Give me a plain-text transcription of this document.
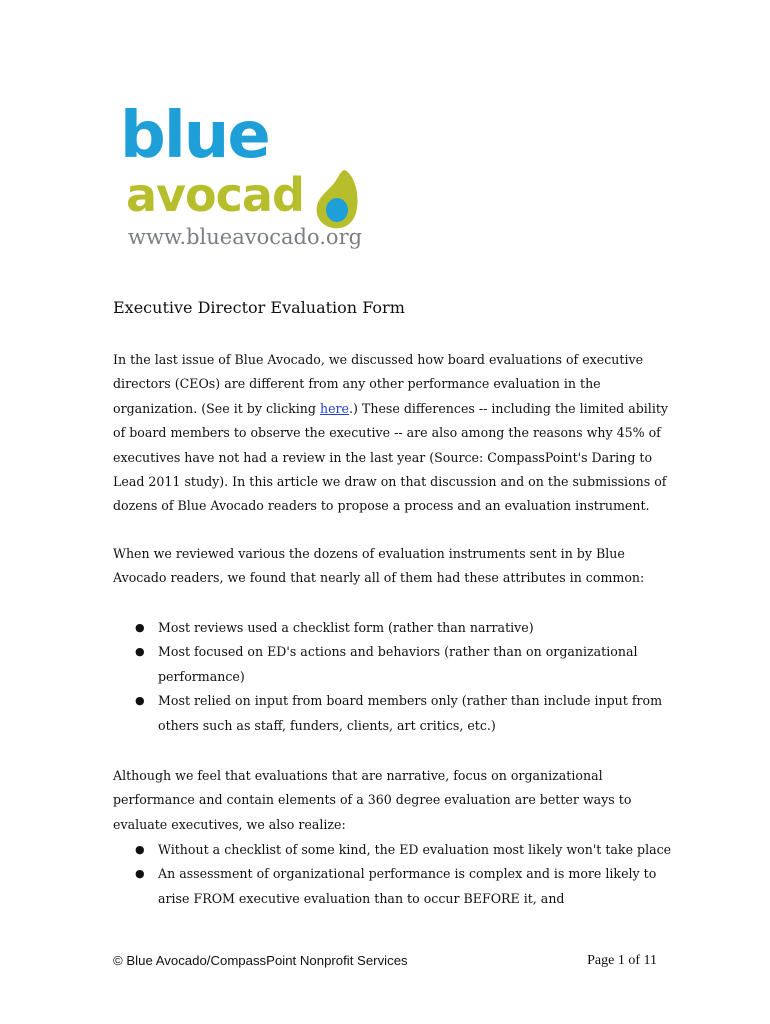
blue
avocad
www.blueavocado.org
Executive Director Evaluation Form

In the last issue of Blue Avocado, we discussed how board evaluations of executive directors (CEOs) are different from any other performance evaluation in the organization. (See it by clicking here.) These differences -- including the limited ability of board members to observe the executive -- are also among the reasons why 45% of executives have not had a review in the last year (Source: CompassPoint's Daring to Lead 2011 study). In this article we draw on that discussion and on the submissions of dozens of Blue Avocado readers to propose a process and an evaluation instrument.

When we reviewed various the dozens of evaluation instruments sent in by Blue Avocado readers, we found that nearly all of them had these attributes in common:

● Most reviews used a checklist form (rather than narrative)
● Most focused on ED's actions and behaviors (rather than on organizational performance)
● Most relied on input from board members only (rather than include input from others such as staff, funders, clients, art critics, etc.)

Although we feel that evaluations that are narrative, focus on organizational performance and contain elements of a 360 degree evaluation are better ways to evaluate executives, we also realize:

● Without a checklist of some kind, the ED evaluation most likely won't take place
● An assessment of organizational performance is complex and is more likely to arise FROM executive evaluation than to occur BEFORE it, and
© Blue Avocado/CompassPoint Nonprofit Services	Page 1 of 11
